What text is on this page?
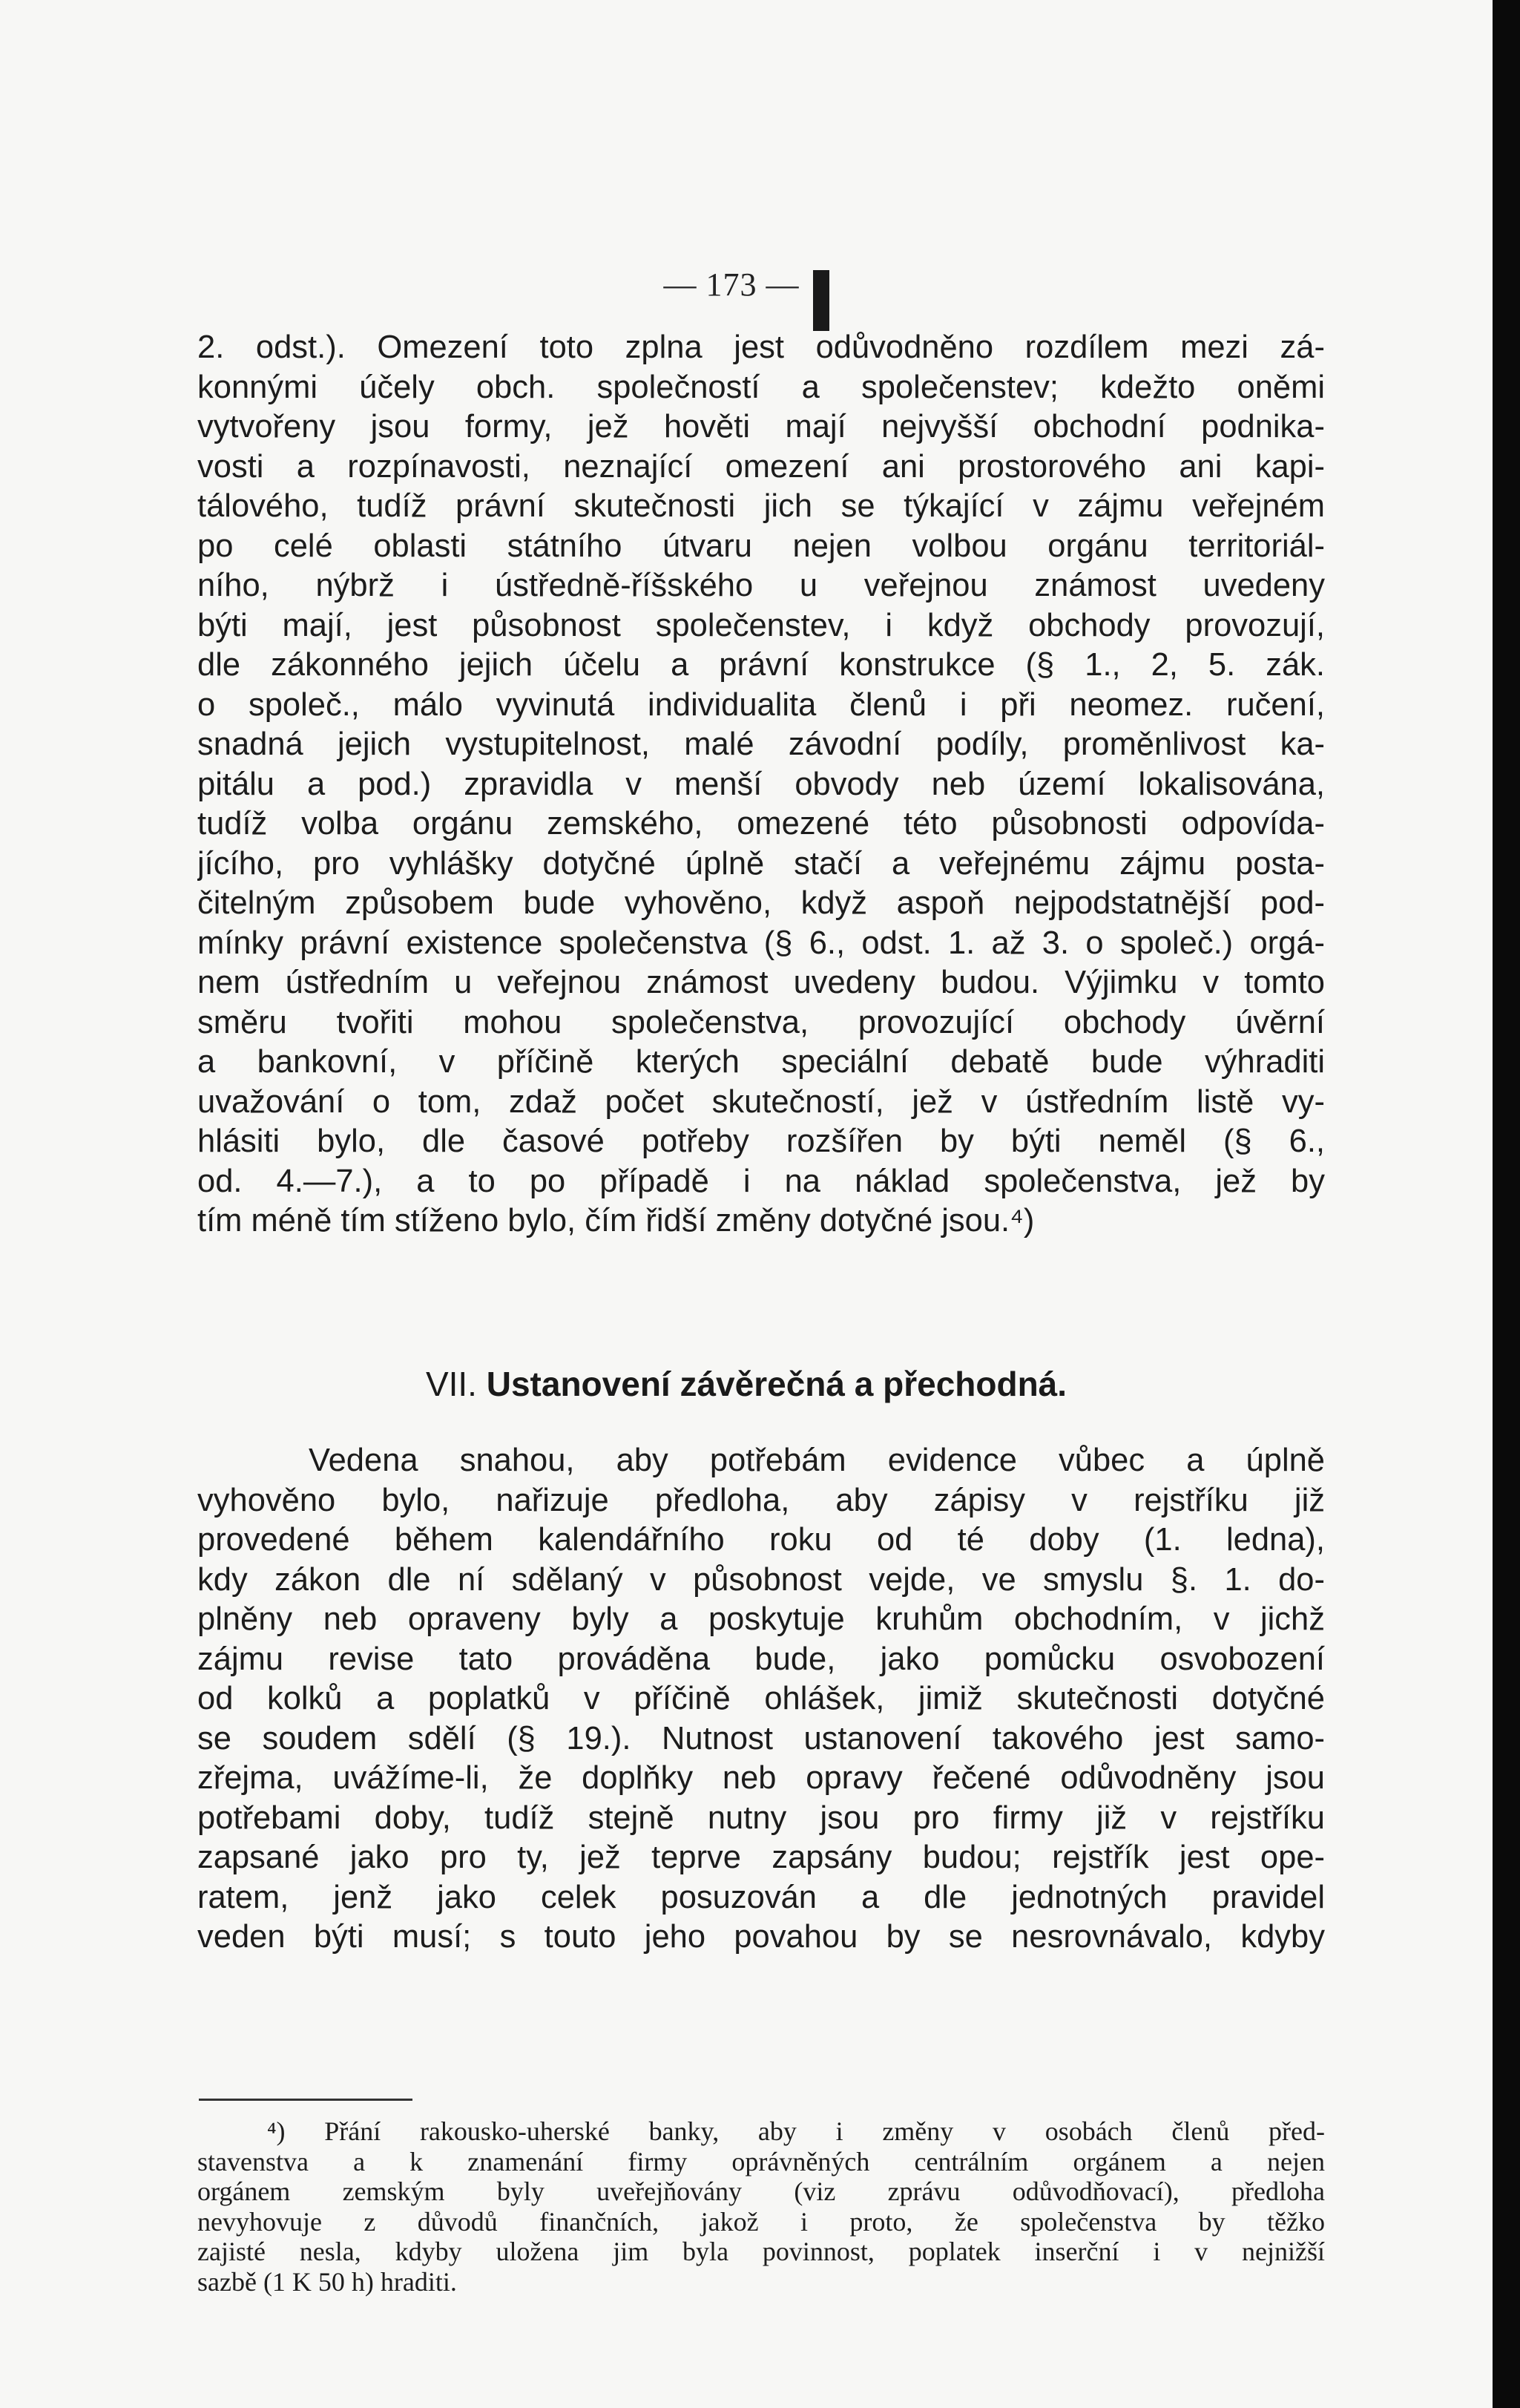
— 173 —
2. odst.). Omezení toto zplna jest odůvodněno rozdílem mezi zá-
konnými účely obch. společností a společenstev; kdežto oněmi
vytvořeny jsou formy, jež hověti mají nejvyšší obchodní podnika-
vosti a rozpínavosti, neznající omezení ani prostorového ani kapi-
tálového, tudíž právní skutečnosti jich se týkající v zájmu veřejném
po celé oblasti státního útvaru nejen volbou orgánu territoriál-
ního, nýbrž i ústředně-říšského u veřejnou známost uvedeny
býti mají, jest působnost společenstev, i když obchody provozují,
dle zákonného jejich účelu a právní konstrukce (§ 1., 2, 5. zák.
o společ., málo vyvinutá individualita členů i při neomez. ručení,
snadná jejich vystupitelnost, malé závodní podíly, proměnlivost ka-
pitálu a pod.) zpravidla v menší obvody neb území lokalisována,
tudíž volba orgánu zemského, omezené této působnosti odpovída-
jícího, pro vyhlášky dotyčné úplně stačí a veřejnému zájmu posta-
čitelným způsobem bude vyhověno, když aspoň nejpodstatnější pod-
mínky právní existence společenstva (§ 6., odst. 1. až 3. o společ.) orgá-
nem ústředním u veřejnou známost uvedeny budou. Výjimku v tomto
směru tvořiti mohou společenstva, provozující obchody úvěrní
a bankovní, v příčině kterých speciální debatě bude výhraditi
uvažování o tom, zdaž počet skutečností, jež v ústředním listě vy-
hlásiti bylo, dle časové potřeby rozšířen by býti neměl (§ 6.,
od. 4.—7.), a to po případě i na náklad společenstva, jež by
tím méně tím stíženo bylo, čím řidší změny dotyčné jsou.⁴)
VII. Ustanovení závěrečná a přechodná.
Vedena snahou, aby potřebám evidence vůbec a úplně
vyhověno bylo, nařizuje předloha, aby zápisy v rejstříku již
provedené během kalendářního roku od té doby (1. ledna),
kdy zákon dle ní sdělaný v působnost vejde, ve smyslu §. 1. do-
plněny neb opraveny byly a poskytuje kruhům obchodním, v jichž
zájmu revise tato prováděna bude, jako pomůcku osvobození
od kolků a poplatků v příčině ohlášek, jimiž skutečnosti dotyčné
se soudem sdělí (§ 19.). Nutnost ustanovení takového jest samo-
zřejma, uvážíme-li, že doplňky neb opravy řečené odůvodněny jsou
potřebami doby, tudíž stejně nutny jsou pro firmy již v rejstříku
zapsané jako pro ty, jež teprve zapsány budou; rejstřík jest ope-
ratem, jenž jako celek posuzován a dle jednotných pravidel
veden býti musí; s touto jeho povahou by se nesrovnávalo, kdyby
⁴) Přání rakousko-uherské banky, aby i změny v osobách členů před-
stavenstva a k znamenání firmy oprávněných centrálním orgánem a nejen
orgánem zemským byly uveřejňovány (viz zprávu odůvodňovací), předloha
nevyhovuje z důvodů finančních, jakož i proto, že společenstva by těžko
zajisté nesla, kdyby uložena jim byla povinnost, poplatek inserční i v nejnižší
sazbě (1 K 50 h) hraditi.
